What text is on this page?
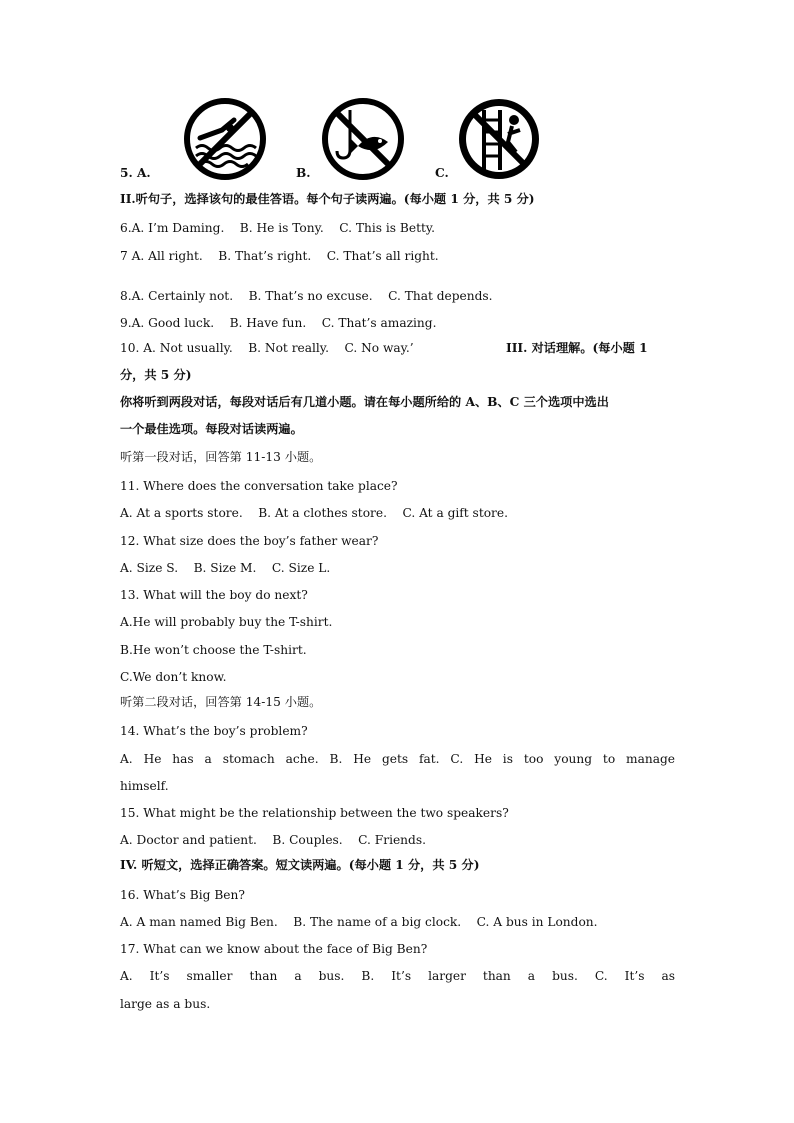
5. A.	B.	C.
II.听句子，选择该句的最佳答语。每个句子读两遍。(每小题 1 分，共 5 分)
6.A. I’m Daming.    B. He is Tony.    C. This is Betty.
7 A. All right.    B. That’s right.    C. That’s all right.
8.A. Certainly not.    B. That’s no excuse.    C. That depends.
9.A. Good luck.    B. Have fun.    C. That’s amazing.
10. A. Not usually.    B. Not really.    C. No way.’	III. 对话理解。(每小题 1
分，共 5 分)
你将听到两段对话，每段对话后有几道小题。请在每小题所给的 A、B、C 三个选项中选出
一个最佳选项。每段对话读两遍。
听第一段对话，回答第 11-13 小题。
11. Where does the conversation take place?
A. At a sports store.    B. At a clothes store.    C. At a gift store.
12. What size does the boy’s father wear?
A. Size S.    B. Size M.    C. Size L.
13. What will the boy do next?
A.He will probably buy the T-shirt.
B.He won’t choose the T-shirt.
C.We don’t know.
听第二段对话，回答第 14-15 小题。
14. What’s the boy’s problem?
A. He has a stomach ache. B. He gets fat. C. He is too young to manage
himself.
15. What might be the relationship between the two speakers?
A. Doctor and patient.    B. Couples.    C. Friends.
IV. 听短文，选择正确答案。短文读两遍。(每小题 1 分，共 5 分)
16. What’s Big Ben?
A. A man named Big Ben.    B. The name of a big clock.    C. A bus in London.
17. What can we know about the face of Big Ben?
A. It’s smaller than a bus. B. It’s larger than a bus. C. It’s as
large as a bus.
